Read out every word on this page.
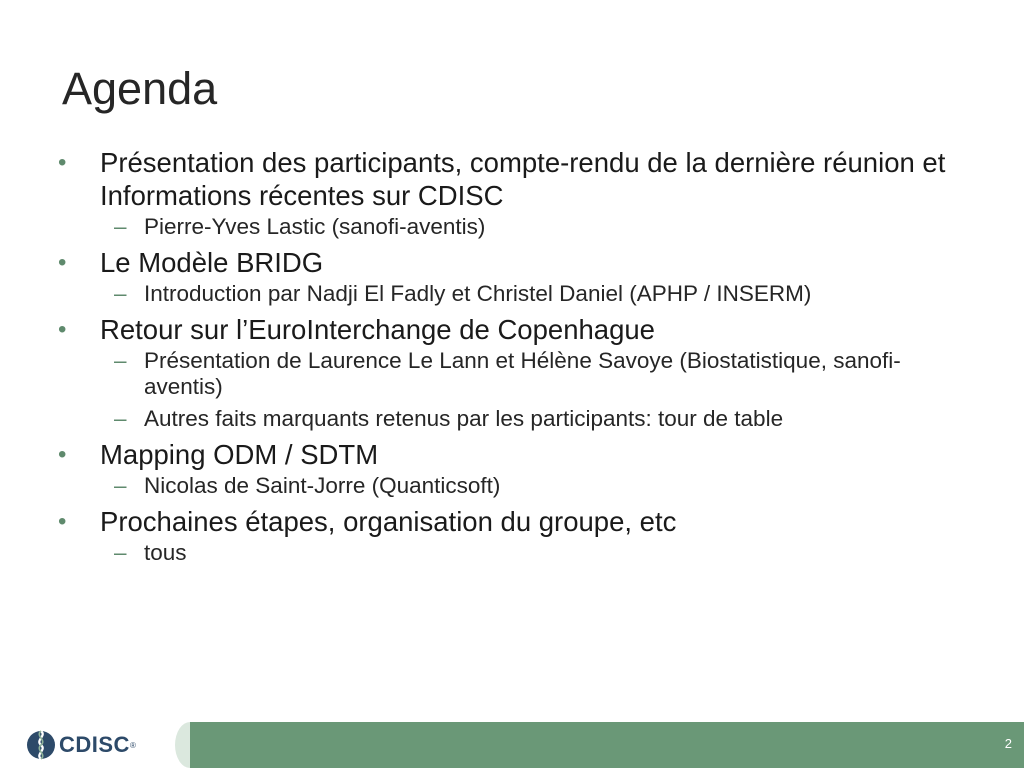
Agenda
•	Présentation des participants, compte-rendu de la dernière réunion et Informations récentes sur CDISC
– Pierre-Yves Lastic (sanofi-aventis)
•	Le Modèle BRIDG
– Introduction par Nadji El Fadly et Christel Daniel (APHP / INSERM)
•	Retour sur l’EuroInterchange de Copenhague
– Présentation de Laurence Le Lann et Hélène Savoye (Biostatistique, sanofi-aventis)
– Autres faits marquants retenus par les participants: tour de table
•	Mapping ODM / SDTM
– Nicolas de Saint-Jorre (Quanticsoft)
•	Prochaines étapes, organisation du groupe, etc
– tous
CDISC ®	2
